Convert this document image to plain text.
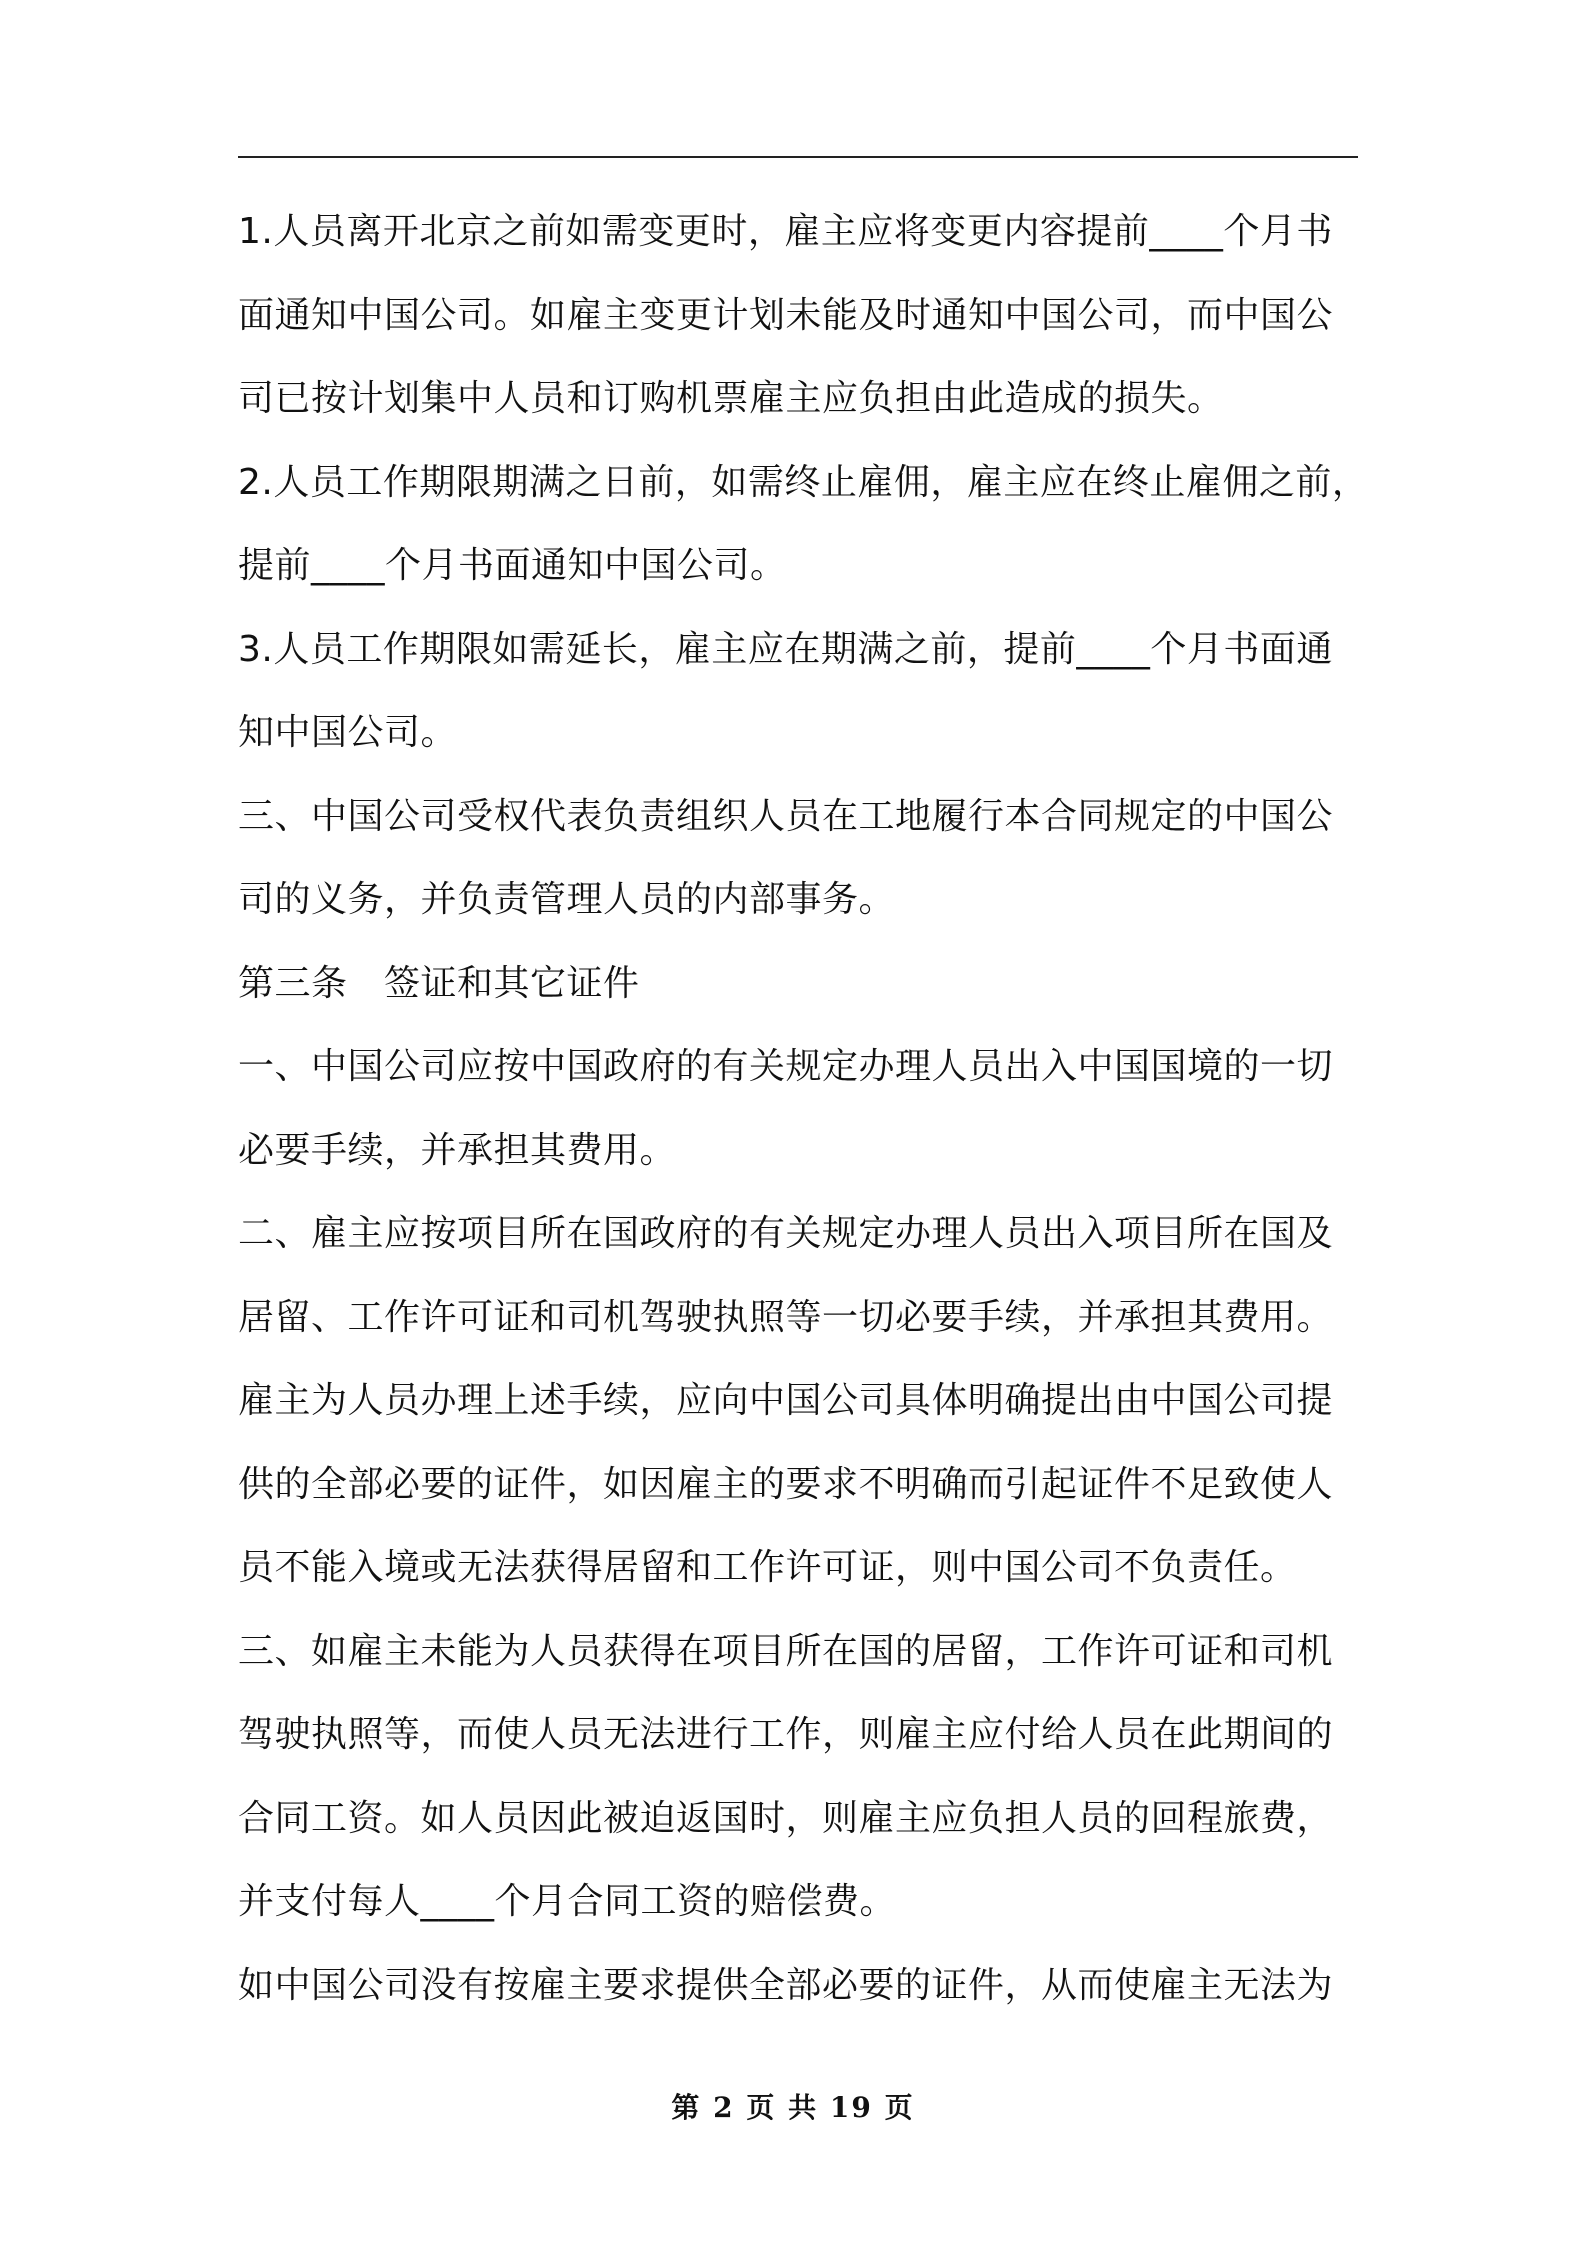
1.人员离开北京之前如需变更时，雇主应将变更内容提前____个月书
面通知中国公司。如雇主变更计划未能及时通知中国公司，而中国公
司已按计划集中人员和订购机票雇主应负担由此造成的损失。
2.人员工作期限期满之日前，如需终止雇佣，雇主应在终止雇佣之前，
提前____个月书面通知中国公司。
3.人员工作期限如需延长，雇主应在期满之前，提前____个月书面通
知中国公司。
三、中国公司受权代表负责组织人员在工地履行本合同规定的中国公
司的义务，并负责管理人员的内部事务。
第三条　签证和其它证件
一、中国公司应按中国政府的有关规定办理人员出入中国国境的一切
必要手续，并承担其费用。
二、雇主应按项目所在国政府的有关规定办理人员出入项目所在国及
居留、工作许可证和司机驾驶执照等一切必要手续，并承担其费用。
雇主为人员办理上述手续，应向中国公司具体明确提出由中国公司提
供的全部必要的证件，如因雇主的要求不明确而引起证件不足致使人
员不能入境或无法获得居留和工作许可证，则中国公司不负责任。
三、如雇主未能为人员获得在项目所在国的居留，工作许可证和司机
驾驶执照等，而使人员无法进行工作，则雇主应付给人员在此期间的
合同工资。如人员因此被迫返国时，则雇主应负担人员的回程旅费，
并支付每人____个月合同工资的赔偿费。
如中国公司没有按雇主要求提供全部必要的证件，从而使雇主无法为
第 2 页 共 19 页
